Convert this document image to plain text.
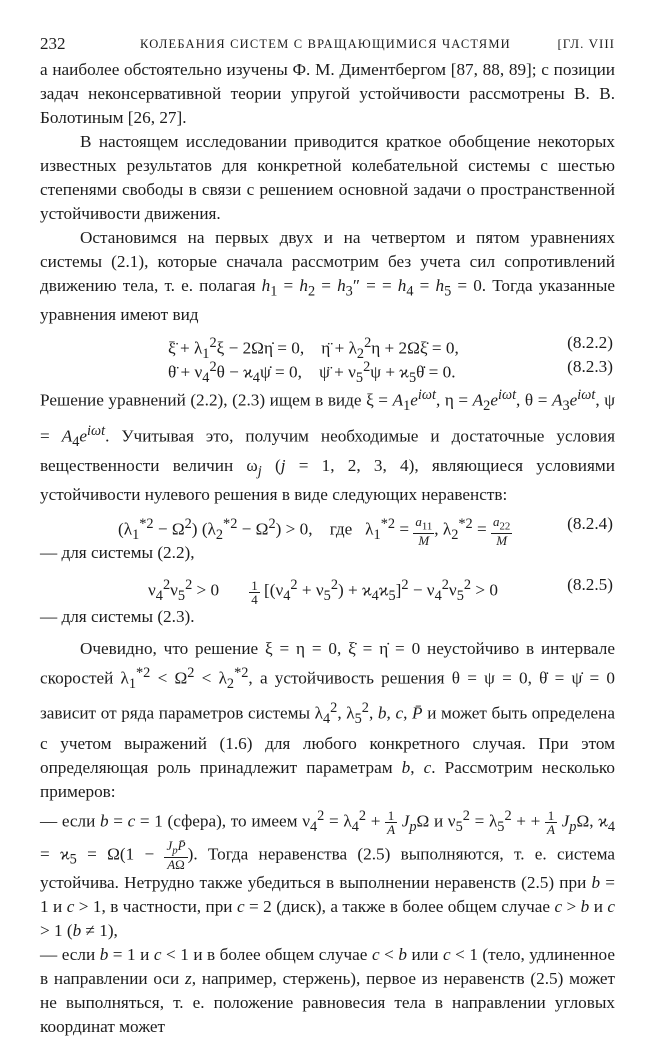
232	КОЛЕБАНИЯ СИСТЕМ С ВРАЩАЮЩИМИСЯ ЧАСТЯМИ	[ГЛ. VIII

а наиболее обстоятельно изучены Ф. М. Диментбергом [87, 88, 89]; с позиции задач неконсервативной теории упругой устойчивости рассмотрены В. В. Болотиным [26, 27].

В настоящем исследовании приводится краткое обобщение некоторых известных результатов для конкретной колебательной системы с шестью степенями свободы в связи с решением основной задачи о пространственной устойчивости движения.

Остановимся на первых двух и на четвертом и пятом уравнениях системы (2.1), которые сначала рассмотрим без учета сил сопротивлений движению тела, т. е. полагая $h_1 = h_2 = h_3''$ = = $h_4 = h_5 = 0$. Тогда указанные уравнения имеют вид

ξ̈ + $\lambda_1^2\xi$ − 2Ωη̇ = 0,    η̈ + $\lambda_2^2\eta$ + 2Ωξ̇ = 0,	(8.2.2)
θ̈ + $\nu_4^2\theta$ − $ϰ_4\psi̇ = 0$,    ψ̈ + $\nu_5^2\psi$ + $ϰ_5\thetȧ = 0$.	(8.2.3)

Решение уравнений (2.2), (2.3) ищем в виде $\xi = A_1e^{i\omega t}$, $\eta = A_2e^{i\omega t}$, $\theta = A_3e^{i\omega t}$, $\psi = A_4e^{i\omega t}$. Учитывая это, получим необходимые и достаточные условия вещественности величин $\omega_j$ (j = 1, 2, 3, 4), являющиеся условиями устойчивости нулевого решения в виде следующих неравенств:

$(\lambda_1^{*2} - \Omega^2) (\lambda_2^{*2} - \Omega^2) > 0$,    где   $\lambda_1^{*2} = \frac{a_{11}}{M}$ , $\lambda_2^{*2} = \frac{a_{22}}{M}$	(8.2.4)

— для системы (2.2),

$\nu_4^2\nu_5^2 > 0 \frac{1}{4} [(\nu_4^2 + \nu_5^2) + ϰ_4ϰ_5]^2 - \nu_4^2\nu_5^2 > 0$	(8.2.5)

— для системы (2.3).

Очевидно, что решение ξ = η = 0, ξ̇ = η̇ = 0 неустойчиво в интервале скоростей $\lambda_1^{*2} < \Omega^2 < \lambda_2^{*2}$, а устойчивость решения θ = ψ = 0, θ̇ = ψ̇ = 0 зависит от ряда параметров системы $\lambda_4^2$, $\lambda_5^2$, b, c, P̄ и может быть определена с учетом выражений (1.6) для любого конкретного случая. При этом определяющая роль принадлежит параметрам b, c. Рассмотрим несколько примеров:

— если b = c = 1 (сфера), то имеем $\nu_4^2 = \lambda_4^2 + \frac{1}{A} J_p\Omega$ и $\nu_5^2 = \lambda_5^2$ + + $\frac{1}{A} J_p\Omega$, $ϰ_4 = ϰ_5 = \Omega(1 - \frac{J_pP̄}{A\Omega}$ ). Тогда неравенства (2.5) выполняются, т. е. система устойчива. Нетрудно также убедиться в выполнении неравенств (2.5) при b = 1 и c > 1, в частности, при c = 2 (диск), а также в более общем случае c > b и c > 1 (b ≠ 1),

— если b = 1 и c < 1 и в более общем случае c < b или c < 1 (тело, удлиненное в направлении оси z, например, стержень), первое из неравенств (2.5) может не выполняться, т. е. положение равновесия тела в направлении угловых координат может
